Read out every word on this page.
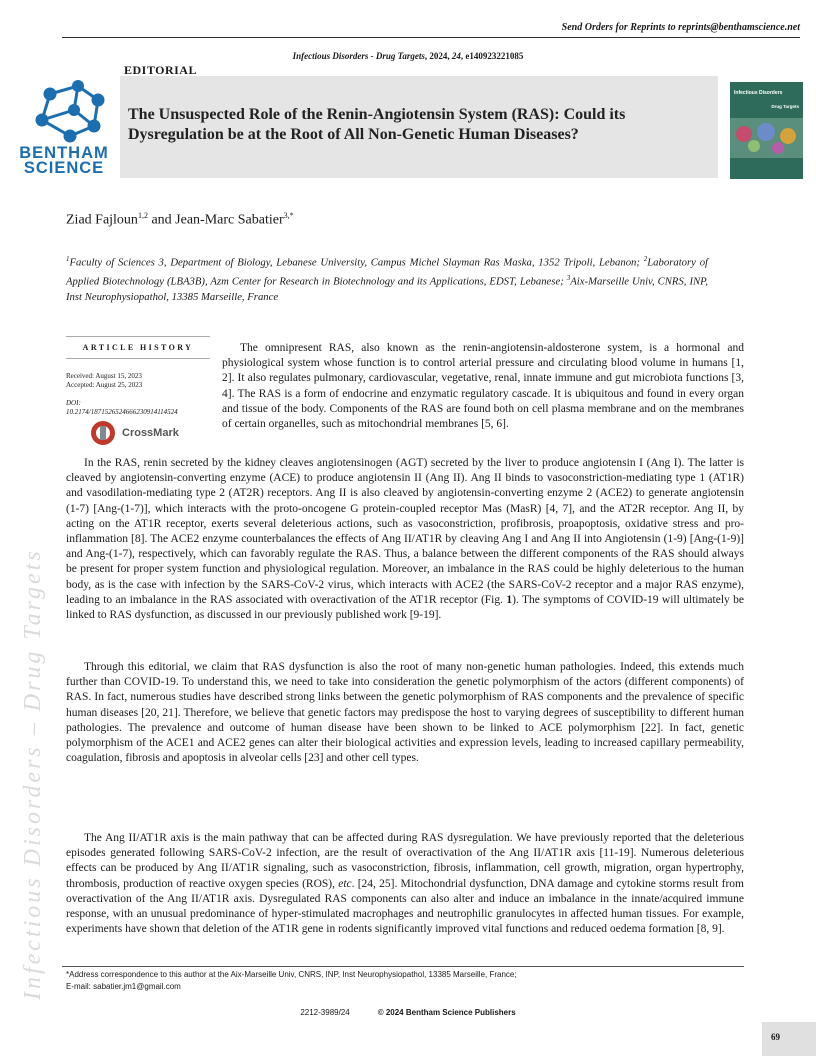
Send Orders for Reprints to reprints@benthamscience.net
Infectious Disorders - Drug Targets, 2024, 24, e140923221085
BENTHAM
SCIENCE
EDITORIAL
The Unsuspected Role of the Renin-Angiotensin System (RAS): Could its Dysregulation be at the Root of All Non-Genetic Human Diseases?
Infectious Disorders
Drug Targets
Ziad Fajloun$^{1,2}$ and Jean-Marc Sabatier$^{3,*}$
$^1$Faculty of Sciences 3, Department of Biology, Lebanese University, Campus Michel Slayman Ras Maska, 1352 Tripoli, Lebanon; $^2$Laboratory of Applied Biotechnology (LBA3B), Azm Center for Research in Biotechnology and its Applications, EDST, Lebanese; $^3$Aix-Marseille Univ, CNRS, INP, Inst Neurophysiopathol, 13385 Marseille, France
ARTICLE HISTORY
Received: August 15, 2023
Accepted: August 25, 2023
DOI:
10.2174/1871526524666230914114524
CrossMark
Infectious Disorders – Drug Targets

The omnipresent RAS, also known as the renin-angiotensin-aldosterone system, is a hormonal and physiological system whose function is to control arterial pressure and circulating blood volume in humans [1, 2]. It also regulates pulmonary, cardiovascular, vegetative, renal, innate immune and gut microbiota functions [3, 4]. The RAS is a form of endocrine and enzymatic regulatory cascade. It is ubiquitous and found in every organ and tissue of the body. Components of the RAS are found both on cell plasma membrane and on the membranes of certain organelles, such as mitochondrial membranes [5, 6].

In the RAS, renin secreted by the kidney cleaves angiotensinogen (AGT) secreted by the liver to produce angiotensin I (Ang I). The latter is cleaved by angiotensin-converting enzyme (ACE) to produce angiotensin II (Ang II). Ang II binds to vasoconstriction-mediating type 1 (AT1R) and vasodilation-mediating type 2 (AT2R) receptors. Ang II is also cleaved by angiotensin-converting enzyme 2 (ACE2) to generate angiotensin (1-7) [Ang-(1-7)], which interacts with the proto-oncogene G protein-coupled receptor Mas (MasR) [4, 7], and the AT2R receptor. Ang II, by acting on the AT1R receptor, exerts several deleterious actions, such as vasoconstriction, profibrosis, proapoptosis, oxidative stress and pro-inflammation [8]. The ACE2 enzyme counterbalances the effects of Ang II/AT1R by cleaving Ang I and Ang II into Angiotensin (1-9) [Ang-(1-9)] and Ang-(1-7), respectively, which can favorably regulate the RAS. Thus, a balance between the different components of the RAS should always be present for proper system function and physiological regulation. Moreover, an imbalance in the RAS could be highly deleterious to the human body, as is the case with infection by the SARS-CoV-2 virus, which interacts with ACE2 (the SARS-CoV-2 receptor and a major RAS enzyme), leading to an imbalance in the RAS associated with overactivation of the AT1R receptor (Fig. 1). The symptoms of COVID-19 will ultimately be linked to RAS dysfunction, as discussed in our previously published work [9-19].

Through this editorial, we claim that RAS dysfunction is also the root of many non-genetic human pathologies. Indeed, this extends much further than COVID-19. To understand this, we need to take into consideration the genetic polymorphism of the actors (different components) of RAS. In fact, numerous studies have described strong links between the genetic polymorphism of RAS components and the prevalence of specific human diseases [20, 21]. Therefore, we believe that genetic factors may predispose the host to varying degrees of susceptibility to different human pathologies. The prevalence and outcome of human disease have been shown to be linked to ACE polymorphism [22]. In fact, genetic polymorphism of the ACE1 and ACE2 genes can alter their biological activities and expression levels, leading to increased capillary permeability, coagulation, fibrosis and apoptosis in alveolar cells [23] and other cell types.

The Ang II/AT1R axis is the main pathway that can be affected during RAS dysregulation. We have previously reported that the deleterious episodes generated following SARS-CoV-2 infection, are the result of overactivation of the Ang II/AT1R axis [11-19]. Numerous deleterious effects can be produced by Ang II/AT1R signaling, such as vasoconstriction, fibrosis, inflammation, cell growth, migration, organ hypertrophy, thrombosis, production of reactive oxygen species (ROS), etc. [24, 25]. Mitochondrial dysfunction, DNA damage and cytokine storms result from overactivation of the Ang II/AT1R axis. Dysregulated RAS components can also alter and induce an imbalance in the innate/acquired immune response, with an unusual predominance of hyper-stimulated macrophages and neutrophilic granulocytes in affected human tissues. For example, experiments have shown that deletion of the AT1R gene in rodents significantly improved vital functions and reduced oedema formation [8, 9].

*Address correspondence to this author at the Aix-Marseille Univ, CNRS, INP, Inst Neurophysiopathol, 13385 Marseille, France;
E-mail: sabatier.jm1@gmail.com
2212-3989/24	© 2024 Bentham Science Publishers
69
